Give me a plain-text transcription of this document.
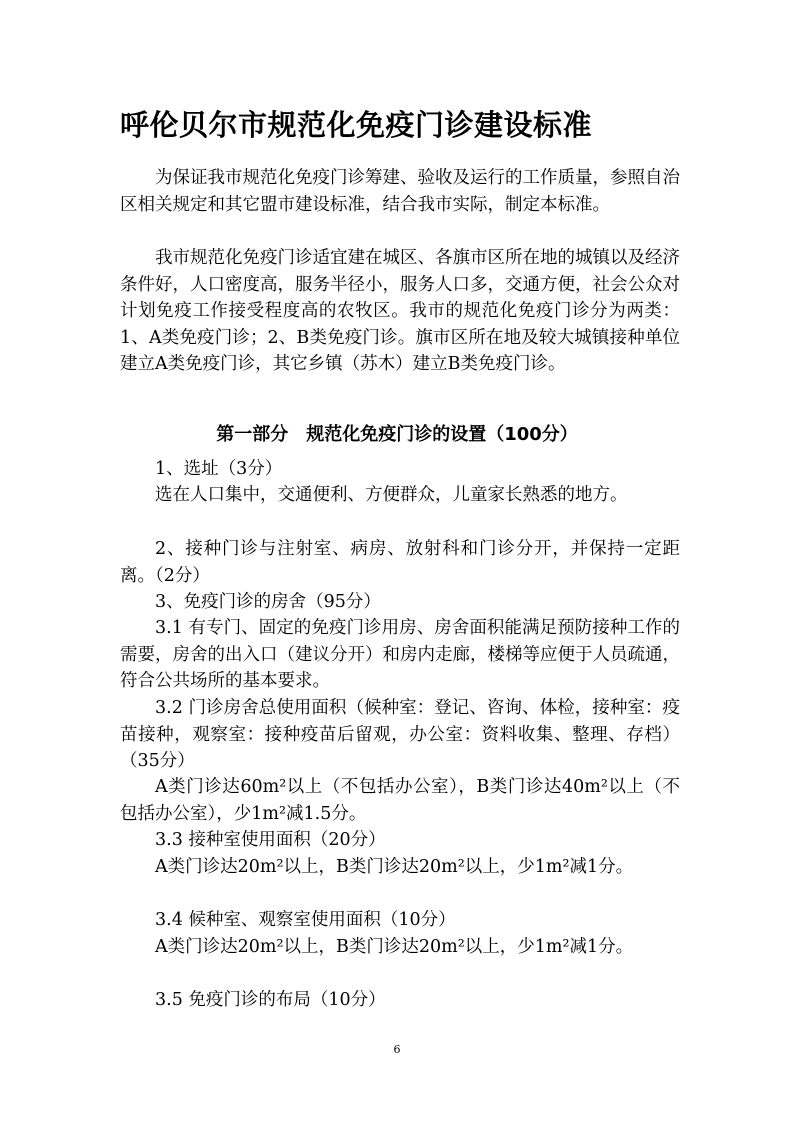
呼伦贝尔市规范化免疫门诊建设标准

为保证我市规范化免疫门诊筹建、验收及运行的工作质量，参照自治区相关规定和其它盟市建设标准，结合我市实际，制定本标准。

我市规范化免疫门诊适宜建在城区、各旗市区所在地的城镇以及经济条件好，人口密度高，服务半径小，服务人口多，交通方便，社会公众对计划免疫工作接受程度高的农牧区。我市的规范化免疫门诊分为两类：1、A类免疫门诊；2、B类免疫门诊。旗市区所在地及较大城镇接种单位建立A类免疫门诊，其它乡镇（苏木）建立B类免疫门诊。

第一部分　规范化免疫门诊的设置（100分）

1、选址（3分）

选在人口集中，交通便利、方便群众，儿童家长熟悉的地方。

2、接种门诊与注射室、病房、放射科和门诊分开，并保持一定距离。（2分）

3、免疫门诊的房舍（95分）

3.1 有专门、固定的免疫门诊用房、房舍面积能满足预防接种工作的需要，房舍的出入口（建议分开）和房内走廊，楼梯等应便于人员疏通，符合公共场所的基本要求。

3.2 门诊房舍总使用面积（候种室：登记、咨询、体检，接种室：疫苗接种，观察室：接种疫苗后留观，办公室：资料收集、整理、存档）（35分）

A类门诊达60m²以上（不包括办公室），B类门诊达40m²以上（不包括办公室），少1m²减1.5分。

3.3 接种室使用面积（20分）

A类门诊达20m²以上，B类门诊达20m²以上，少1m²减1分。

3.4 候种室、观察室使用面积（10分）

A类门诊达20m²以上，B类门诊达20m²以上，少1m²减1分。

3.5 免疫门诊的布局（10分）

6
